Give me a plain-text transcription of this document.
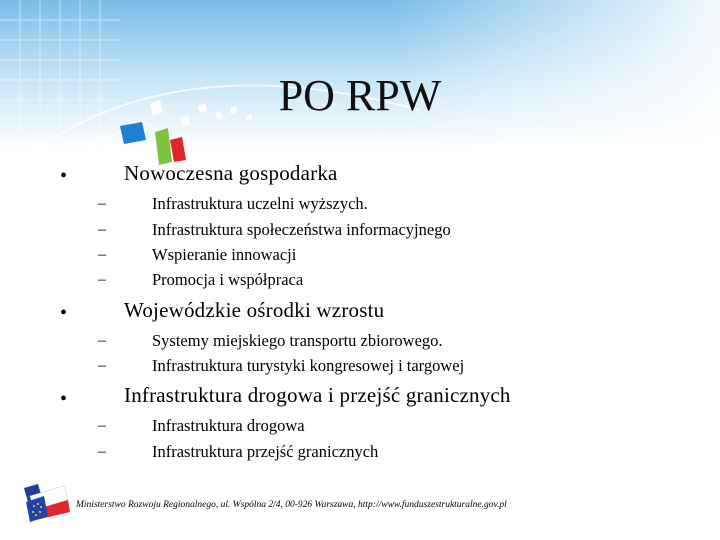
PO RPW
•	Nowoczesna gospodarka
–	Infrastruktura uczelni wyższych.
–	Infrastruktura społeczeństwa informacyjnego
–	Wspieranie innowacji
–	Promocja i współpraca
•	Wojewódzkie ośrodki wzrostu
–	Systemy miejskiego transportu zbiorowego.
–	Infrastruktura turystyki kongresowej i targowej
•	Infrastruktura drogowa i przejść granicznych
–	Infrastruktura drogowa
–	Infrastruktura przejść granicznych
Ministerstwo Rozwoju Regionalnego, ul. Wspólna 2/4, 00-926 Warszawa, http://www.funduszestrukturalne.gov.pl
